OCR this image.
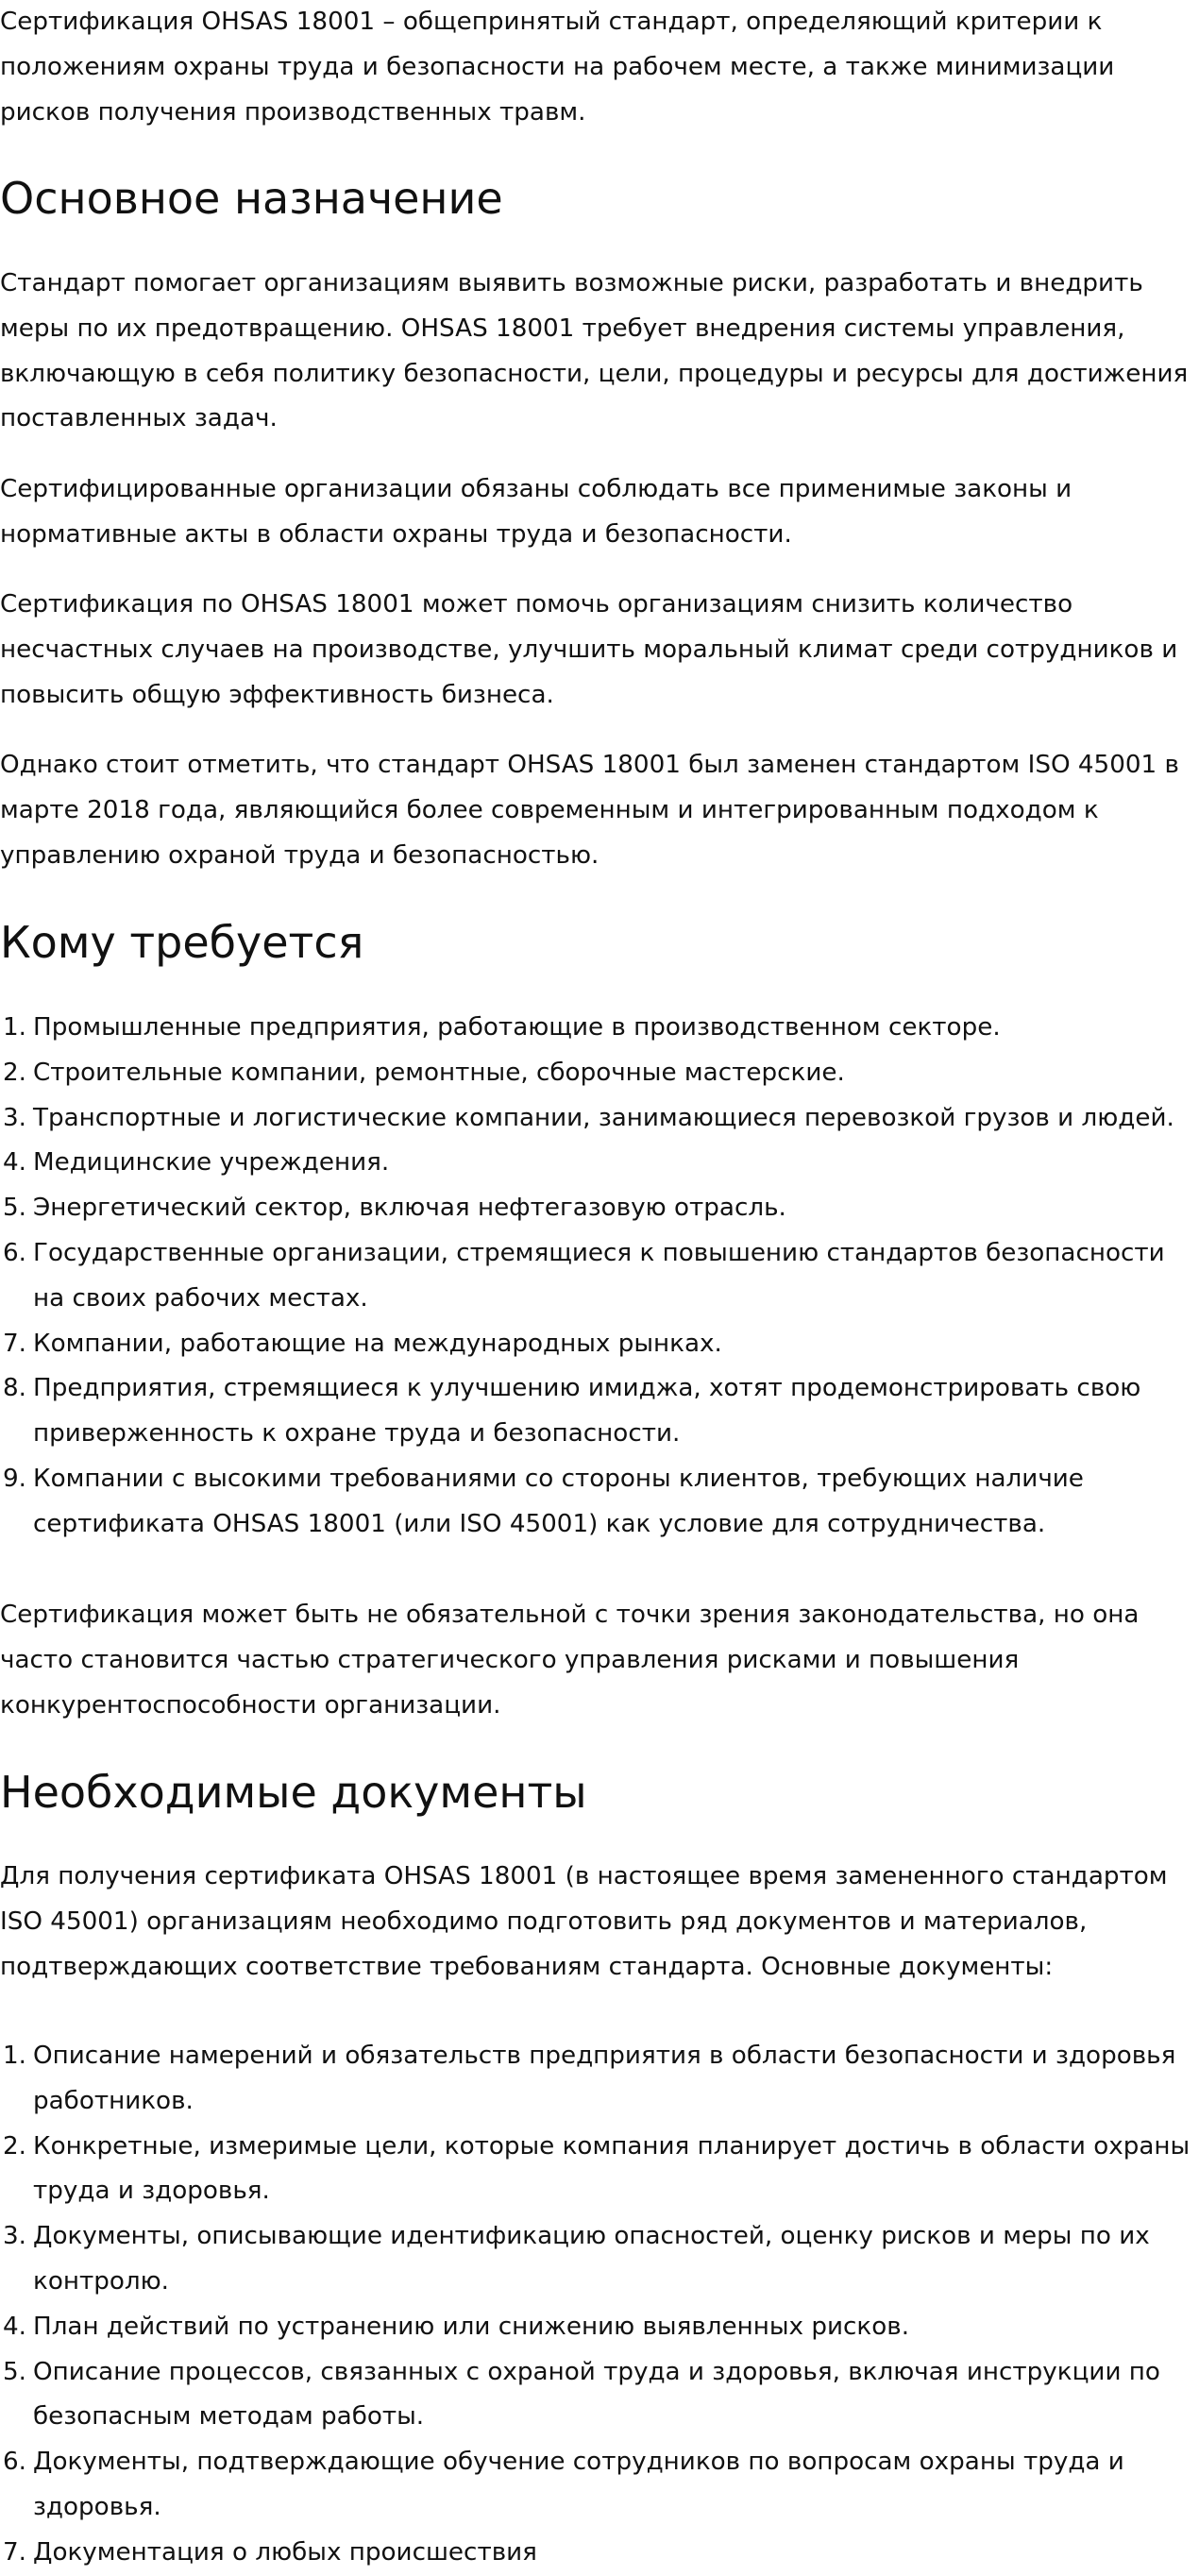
Сертификация OHSAS 18001 – общепринятый стандарт, определяющий критерии к положениям охраны труда и безопасности на рабочем месте, а также минимизации рисков получения производственных травм.

Основное назначение

Стандарт помогает организациям выявить возможные риски, разработать и внедрить меры по их предотвращению. OHSAS 18001 требует внедрения системы управления, включающую в себя политику безопасности, цели, процедуры и ресурсы для достижения поставленных задач.

Сертифицированные организации обязаны соблюдать все применимые законы и нормативные акты в области охраны труда и безопасности.

Сертификация по OHSAS 18001 может помочь организациям снизить количество несчастных случаев на производстве, улучшить моральный климат среди сотрудников и повысить общую эффективность бизнеса.

Однако стоит отметить, что стандарт OHSAS 18001 был заменен стандартом ISO 45001 в марте 2018 года, являющийся более современным и интегрированным подходом к управлению охраной труда и безопасностью.

Кому требуется
1. Промышленные предприятия, работающие в производственном секторе.
2. Строительные компании, ремонтные, сборочные мастерские.
3. Транспортные и логистические компании, занимающиеся перевозкой грузов и людей.
4. Медицинские учреждения.
5. Энергетический сектор, включая нефтегазовую отрасль.
6. Государственные организации, стремящиеся к повышению стандартов безопасности на своих рабочих местах.
7. Компании, работающие на международных рынках.
8. Предприятия, стремящиеся к улучшению имиджа, хотят продемонстрировать свою приверженность к охране труда и безопасности.
9. Компании с высокими требованиями со стороны клиентов, требующих наличие сертификата OHSAS 18001 (или ISO 45001) как условие для сотрудничества.

Сертификация может быть не обязательной с точки зрения законодательства, но она часто становится частью стратегического управления рисками и повышения конкурентоспособности организации.

Необходимые документы

Для получения сертификата OHSAS 18001 (в настоящее время замененного стандартом ISO 45001) организациям необходимо подготовить ряд документов и материалов, подтверждающих соответствие требованиям стандарта. Основные документы:

1. Описание намерений и обязательств предприятия в области безопасности и здоровья работников.
2. Конкретные, измеримые цели, которые компания планирует достичь в области охраны труда и здоровья.
3. Документы, описывающие идентификацию опасностей, оценку рисков и меры по их контролю.
4. План действий по устранению или снижению выявленных рисков.
5. Описание процессов, связанных с охраной труда и здоровья, включая инструкции по безопасным методам работы.
6. Документы, подтверждающие обучение сотрудников по вопросам охраны труда и здоровья.
7. Документация о любых происшествия
